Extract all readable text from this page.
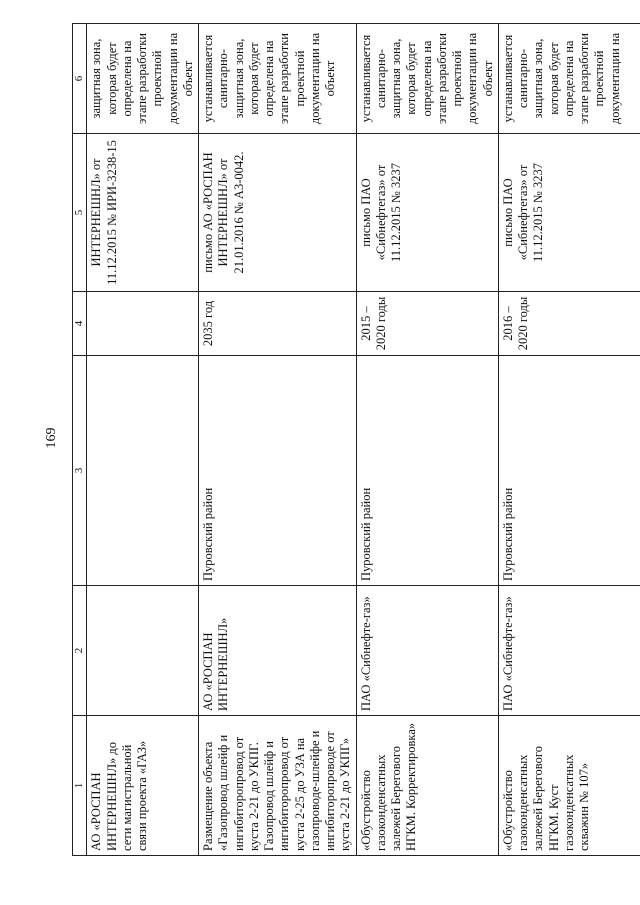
169
1	2	3	4	5	6
АО «РОСПАН ИНТЕРНЕШНЛ» до сети магистральной связи проекта «ГАЗ»				ИНТЕРНЕШНЛ» от 11.12.2015 № ИРИ-3238-15	защитная зона, которая будет определена на этапе разработки проектной документации на объект
Размещение объекта «Газопровод шлейф и ингибиторопровод от куста 2-21 до УКПГ. Газопровод шлейф и ингибиторопровод от куста 2-25 до УЗА на газопроводе-шлейфе и ингибиторопроводе от куста 2-21 до УКПГ»	АО «РОСПАН ИНТЕРНЕШНЛ»	Пуровский район	2035 год	письмо АО «РОСПАН ИНТЕРНЕШНЛ» от 21.01.2016 № А3-0042.	устанавливается санитарно-защитная зона, которая будет определена на этапе разработки проектной документации на объект
«Обустройство газоконденсатных залежей Берегового НГКМ. Корректировка»	ПАО «Сибнефте-газ»	Пуровский район	2015 – 2020 годы	письмо ПАО «Сибнефтегаз» от 11.12.2015 № 3237	устанавливается санитарно-защитная зона, которая будет определена на этапе разработки проектной документации на объект
«Обустройство газоконденсатных залежей Берегового НГКМ. Куст газоконденсатных скважин № 107»	ПАО «Сибнефте-газ»	Пуровский район	2016 – 2020 годы	письмо ПАО «Сибнефтегаз» от 11.12.2015 № 3237	устанавливается санитарно-защитная зона, которая будет определена на этапе разработки проектной документации на
